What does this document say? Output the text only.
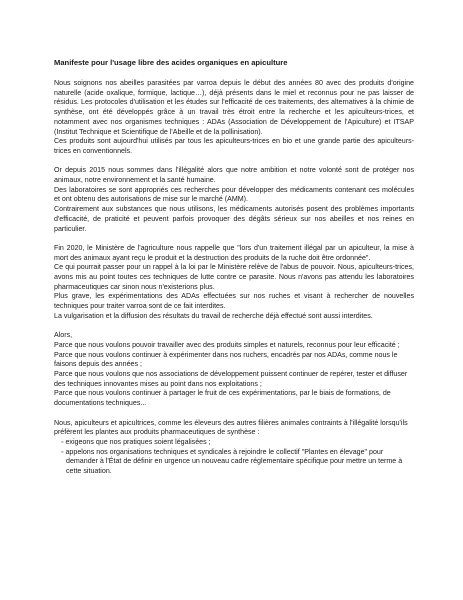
Manifeste pour l'usage libre des acides organiques en apiculture

Nous soignons nos abeilles parasitées par varroa depuis le début des années 80 avec des produits d'origine naturelle (acide oxalique, formique, lactique…), déjà présents dans le miel et reconnus pour ne pas laisser de résidus. Les protocoles d'utilisation et les études sur l'efficacité de ces traitements, des alternatives à la chimie de synthèse, ont été développés grâce à un travail très étroit entre la recherche et les apiculteurs-trices, et notamment avec nos organismes techniques : ADAs (Association de Développement de l'Apiculture) et ITSAP (Institut Technique et Scientifique de l'Abeille et de la pollinisation).

Ces produits sont aujourd'hui utilisés par tous les apiculteurs-trices en bio et une grande partie des apiculteurs-trices en conventionnels.

Or depuis 2015 nous sommes dans l'illégalité alors que notre ambition et notre volonté sont de protéger nos animaux, notre environnement et la santé humaine.

Des laboratoires se sont appropriés ces recherches pour développer des médicaments contenant ces molécules et ont obtenu des autorisations de mise sur le marché (AMM).

Contrairement aux substances que nous utilisons, les médicaments autorisés posent des problèmes importants d'efficacité, de praticité et peuvent parfois provoquer des dégâts sérieux sur nos abeilles et nos reines en particulier.

Fin 2020, le Ministère de l'agriculture nous rappelle que "lors d'un traitement illégal par un apiculteur, la mise à mort des animaux ayant reçu le produit et la destruction des produits de la ruche doit être ordonnée".

Ce qui pourrait passer pour un rappel à la loi par le Ministère relève de l'abus de pouvoir. Nous, apiculteurs-trices, avons mis au point toutes ces techniques de lutte contre ce parasite. Nous n'avons pas attendu les laboratoires pharmaceutiques car sinon nous n'existerions plus.

Plus grave, les expérimentations des ADAs effectuées sur nos ruches et visant à rechercher de nouvelles techniques pour traiter varroa sont de ce fait interdites.

La vulgarisation et la diffusion des résultats du travail de recherche déjà effectué sont aussi interdites.

Alors,

Parce que nous voulons pouvoir travailler avec des produits simples et naturels, reconnus pour leur efficacité ;

Parce que nous voulons continuer à expérimenter dans nos ruchers, encadrés par nos ADAs, comme nous le faisons depuis des années ;

Parce que nous voulons que nos associations de développement puissent continuer de repérer, tester et diffuser des techniques innovantes mises au point dans nos exploitations ;

Parce que nous voulons continuer à partager le fruit de ces expérimentations, par le biais de formations, de documentations techniques...

Nous, apiculteurs et apicultrices, comme les éleveurs des autres filières animales contraints à l'illégalité lorsqu'ils préfèrent les plantes aux produits pharmaceutiques de synthèse :

◦ exigeons que nos pratiques soient légalisées ;

◦ appelons nos organisations techniques et syndicales à rejoindre le collectif "Plantes en élevage" pour demander à l'État de définir en urgence un nouveau cadre réglementaire spécifique pour mettre un terme à cette situation.
